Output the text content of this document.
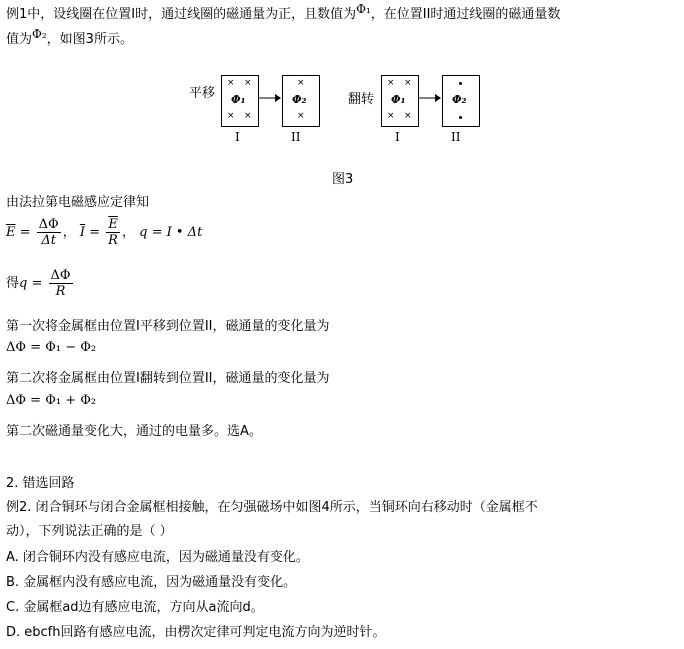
例1中，设线圈在位置I时，通过线圈的磁通量为正，且数值为Φ₁，在位置II时通过线圈的磁通量数
值为Φ₂，如图3所示。
平移	翻转
× ×
Φ₁
× ×
×
Φ₂
×
× ×
Φ₁
× ×
Φ₂
I	II	I	II
图3
由法拉第电磁感应定律知
$\overline{E} = \frac{\Delta\Phi}{\Delta t}$ ， $\overline{I} = \frac{\overline{E}}{R}$ ， q = I • Δt
得$q = \frac{\Delta\Phi}{R}$
第一次将金属框由位置I平移到位置II，磁通量的变化量为
ΔΦ = Φ₁ − Φ₂
第二次将金属框由位置I翻转到位置II，磁通量的变化量为
ΔΦ = Φ₁ + Φ₂
第二次磁通量变化大，通过的电量多。选A。
2. 错选回路
例2. 闭合铜环与闭合金属框相接触，在匀强磁场中如图4所示，当铜环向右移动时（金属框不
动），下列说法正确的是（ ）
A. 闭合铜环内没有感应电流，因为磁通量没有变化。
B. 金属框内没有感应电流，因为磁通量没有变化。
C. 金属框ad边有感应电流，方向从a流向d。
D. ebcfh回路有感应电流，由楞次定律可判定电流方向为逆时针。
